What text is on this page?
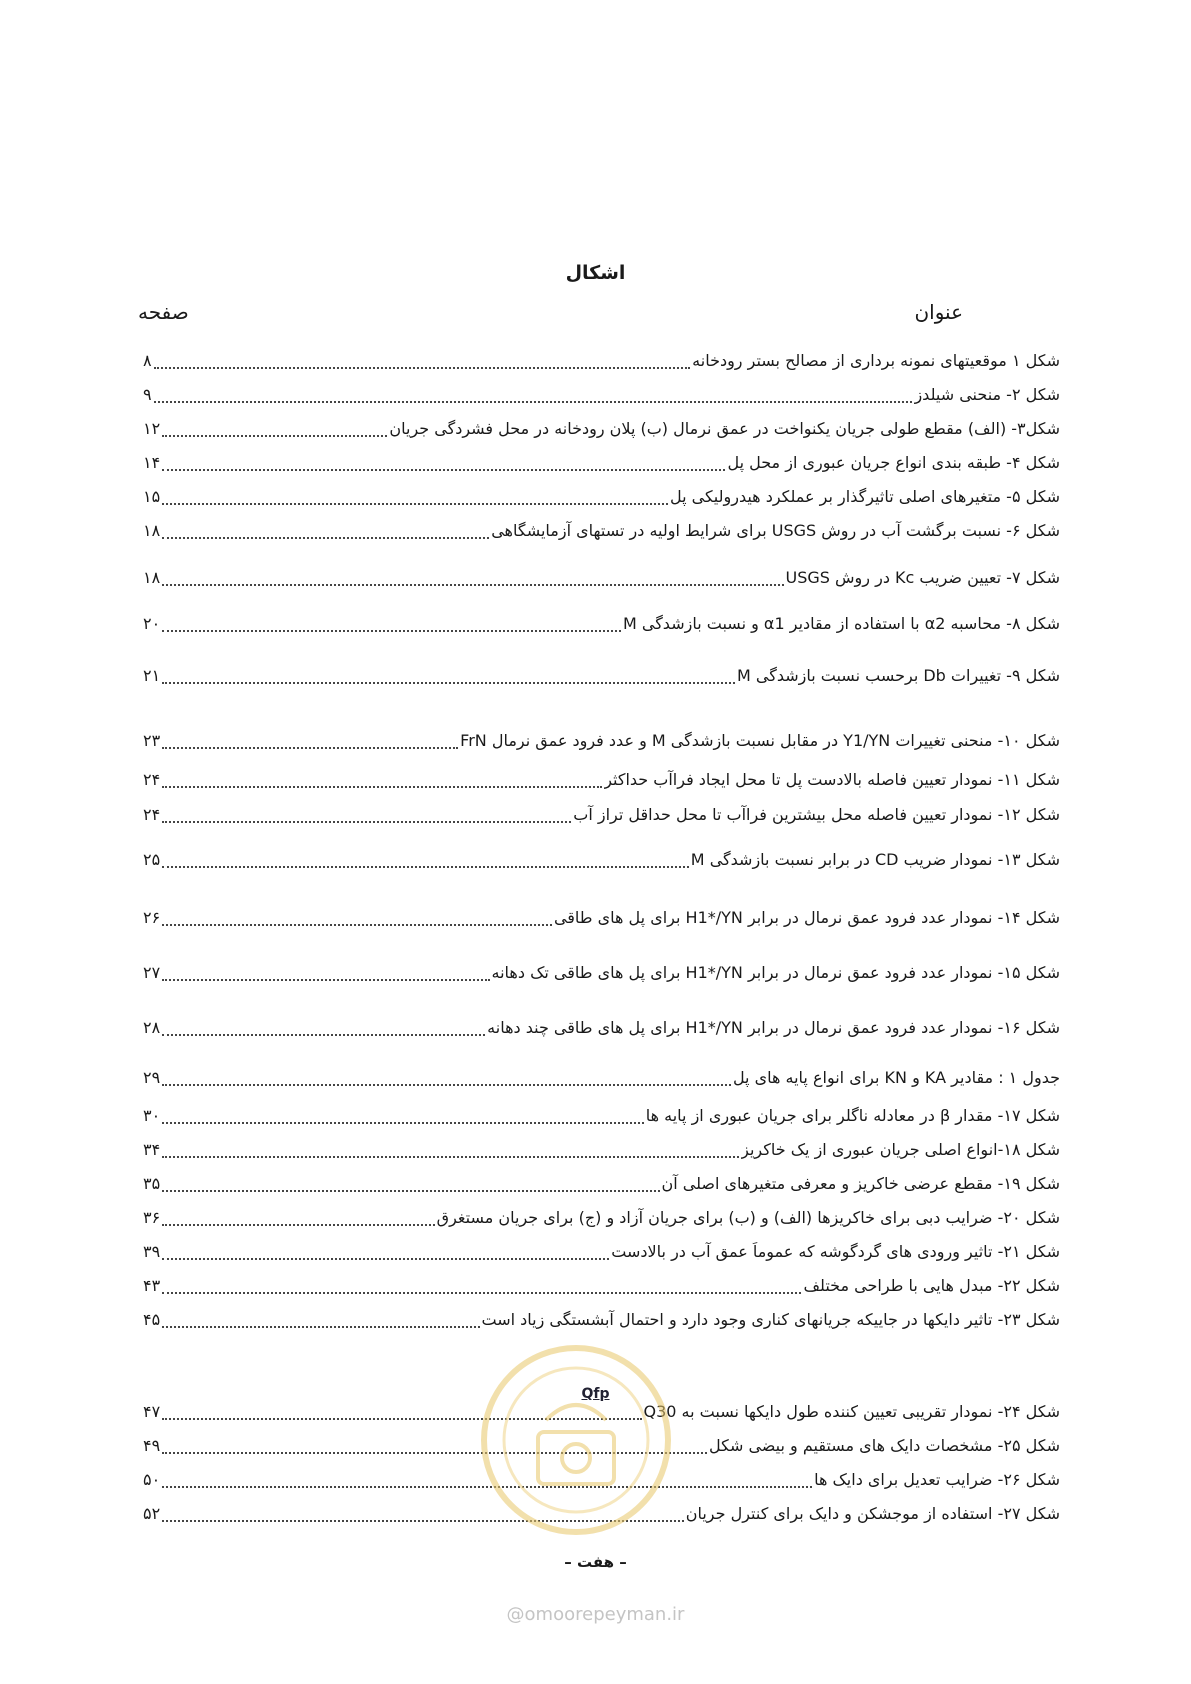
اشکال
عنوان
صفحه
شکل ۱ موقعیتهای نمونه برداری از مصالح بستر رودخانه
۸
شکل ۲- منحنی شیلدز
۹
شکل۳- (الف) مقطع طولی جریان یکنواخت در عمق نرمال (ب) پلان رودخانه در محل فشردگی جریان
۱۲
شکل ۴- طبقه بندی انواع جریان عبوری از محل پل
۱۴
شکل ۵- متغیرهای اصلی تاثیرگذار بر عملکرد هیدرولیکی پل
۱۵
شکل ۶- نسبت برگشت آب در روش USGS برای شرایط اولیه در تستهای آزمایشگاهی
۱۸
شکل ۷- تعیین ضریب Kc در روش USGS
۱۸
شکل ۸- محاسبه α2 با استفاده از مقادیر α1 و نسبت بازشدگی M
۲۰
شکل ۹- تغییرات Db برحسب نسبت بازشدگی M
۲۱
شکل ۱۰- منحنی تغییرات Y1/YN در مقابل نسبت بازشدگی M و عدد فرود عمق نرمال FrN
۲۳
شکل ۱۱- نمودار تعیین فاصله بالادست پل تا محل ایجاد فراآب حداکثر
۲۴
شکل ۱۲- نمودار تعیین فاصله محل بیشترین فراآب تا محل حداقل تراز آب
۲۴
شکل ۱۳- نمودار ضریب CD در برابر نسبت بازشدگی M
۲۵
شکل ۱۴- نمودار عدد فرود عمق نرمال در برابر H1*/YN برای پل های طاقی
۲۶
شکل ۱۵- نمودار عدد فرود عمق نرمال در برابر H1*/YN برای پل های طاقی تک دهانه
۲۷
شکل ۱۶- نمودار عدد فرود عمق نرمال در برابر H1*/YN برای پل های طاقی چند دهانه
۲۸
جدول ۱ : مقادیر KA و KN برای انواع پایه های پل
۲۹
شکل ۱۷- مقدار β در معادله ناگلر برای جریان عبوری از پایه ها
۳۰
شکل ۱۸-انواع اصلی جریان عبوری از یک خاکریز
۳۴
شکل ۱۹- مقطع عرضی خاکریز و معرفی متغیرهای اصلی آن
۳۵
شکل ۲۰- ضرایب دبی برای خاکریزها (الف) و (ب) برای جریان آزاد و (ج) برای جریان مستغرق
۳۶
شکل ۲۱- تاثیر ورودی های گردگوشه که عموماً عمق آب در بالادست
۳۹
شکل ۲۲- مبدل هایی با طراحی مختلف
۴۳
شکل ۲۳- تاثیر دایکها در جاییکه جریانهای کناری وجود دارد و احتمال آبشستگی زیاد است
۴۵
شکل ۲۴- نمودار تقریبی تعیین کننده طول دایکها نسبت به Q30
۴۷
شکل ۲۵- مشخصات دایک های مستقیم و بیضی شکل
۴۹
شکل ۲۶- ضرایب تعدیل برای دایک ها
۵۰
شکل ۲۷- استفاده از موجشکن و دایک برای کنترل جریان
۵۲
Qfp
– هفت –
@omoorepeyman.ir
